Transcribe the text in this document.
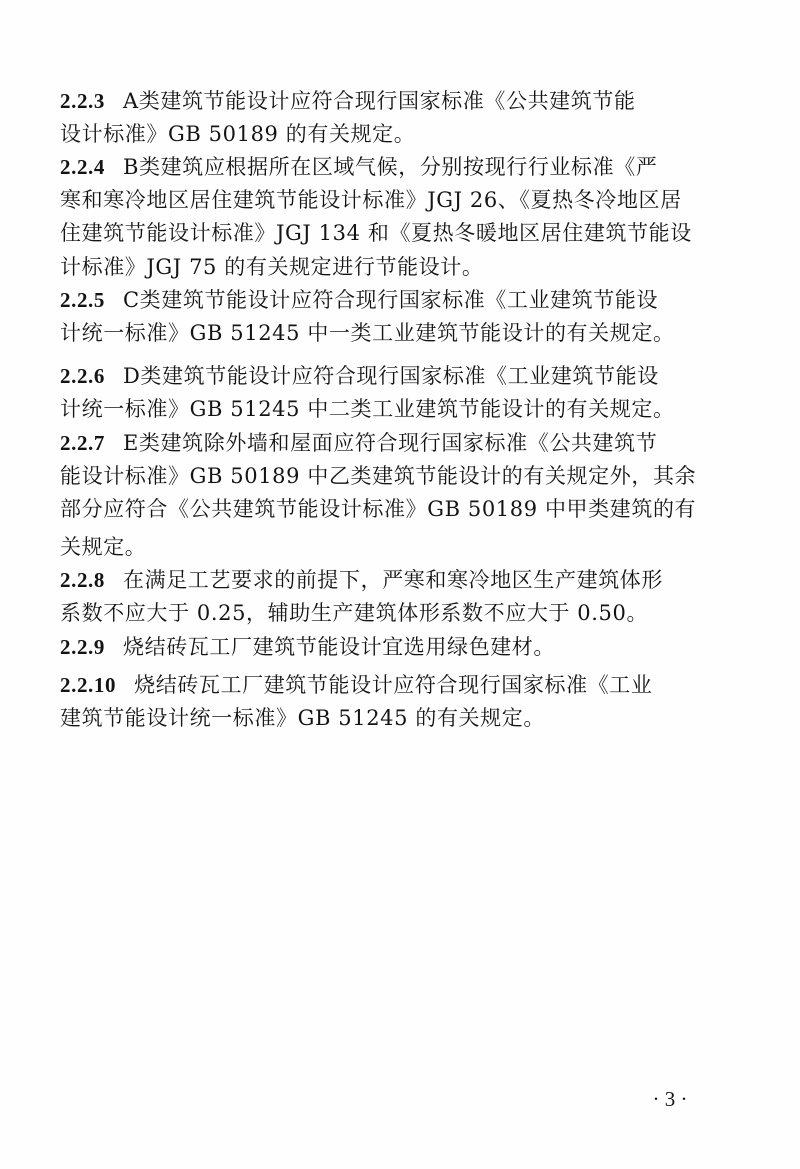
2.2.3 A类建筑节能设计应符合现行国家标准《公共建筑节能
设计标准》GB 50189 的有关规定。
2.2.4 B类建筑应根据所在区域气候，分别按现行行业标准《严
寒和寒冷地区居住建筑节能设计标准》JGJ 26、《夏热冬冷地区居
住建筑节能设计标准》JGJ 134 和《夏热冬暖地区居住建筑节能设
计标准》JGJ 75 的有关规定进行节能设计。
2.2.5 C类建筑节能设计应符合现行国家标准《工业建筑节能设
计统一标准》GB 51245 中一类工业建筑节能设计的有关规定。
2.2.6 D类建筑节能设计应符合现行国家标准《工业建筑节能设
计统一标准》GB 51245 中二类工业建筑节能设计的有关规定。
2.2.7 E类建筑除外墙和屋面应符合现行国家标准《公共建筑节
能设计标准》GB 50189 中乙类建筑节能设计的有关规定外，其余
部分应符合《公共建筑节能设计标准》GB 50189 中甲类建筑的有
关规定。
2.2.8 在满足工艺要求的前提下，严寒和寒冷地区生产建筑体形
系数不应大于 0.25，辅助生产建筑体形系数不应大于 0.50。
2.2.9 烧结砖瓦工厂建筑节能设计宜选用绿色建材。
2.2.10 烧结砖瓦工厂建筑节能设计应符合现行国家标准《工业
建筑节能设计统一标准》GB 51245 的有关规定。
· 3 ·
